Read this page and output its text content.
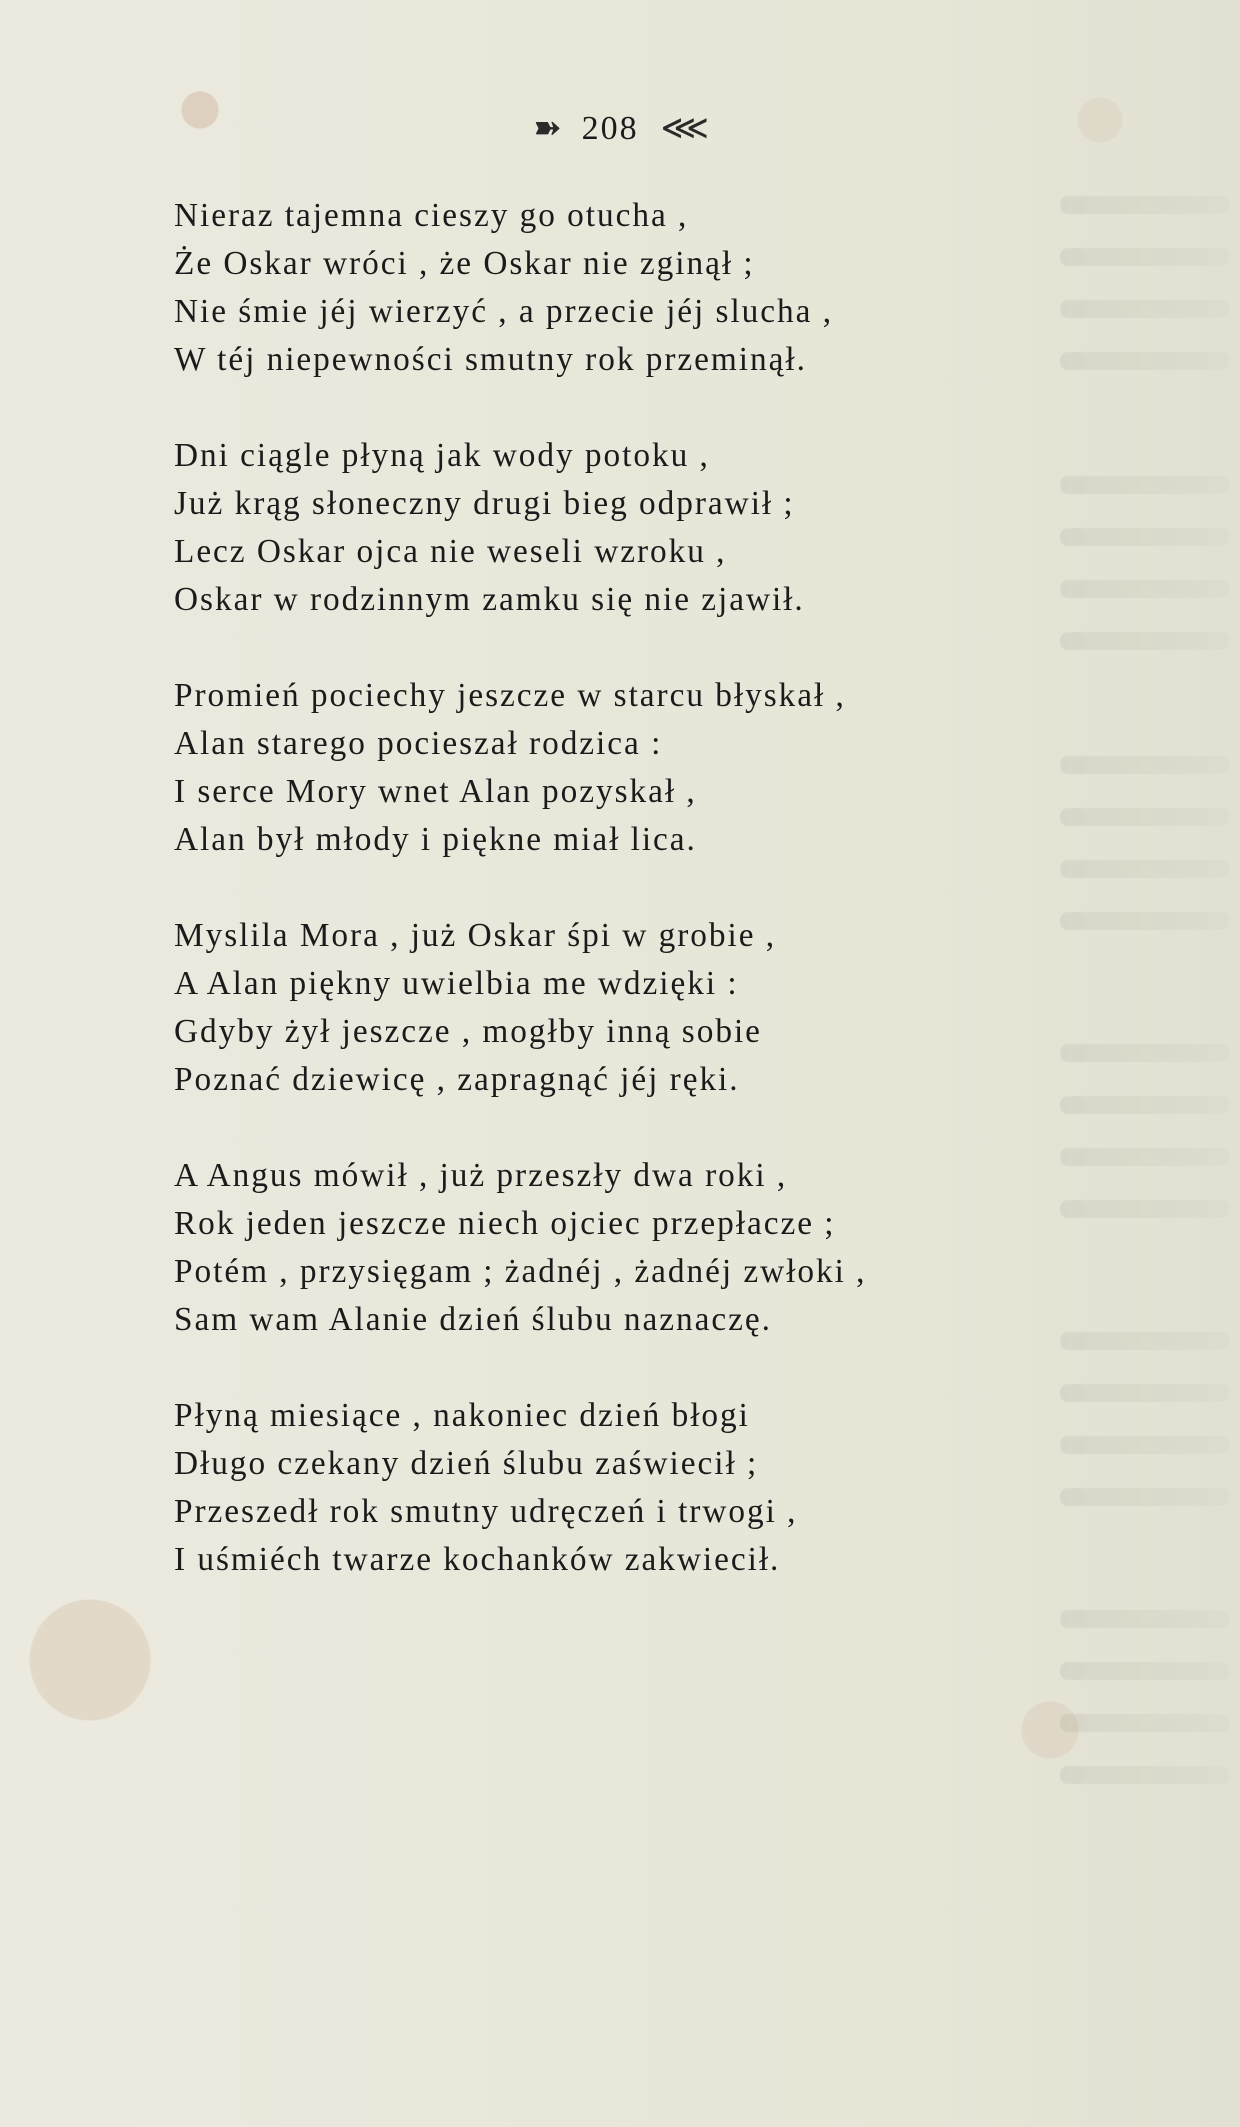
➽ 208 ⋘
Nieraz tajemna cieszy go otucha ,
Że Oskar wróci , że Oskar nie zginął ;
Nie śmie jéj wierzyć , a przecie jéj slucha ,
W téj niepewności smutny rok przeminął.
Dni ciągle płyną jak wody potoku ,
Już krąg słoneczny drugi bieg odprawił ;
Lecz Oskar ojca nie weseli wzroku ,
Oskar w rodzinnym zamku się nie zjawił.
Promień pociechy jeszcze w starcu błyskał ,
Alan starego pocieszał rodzica :
I serce Mory wnet Alan pozyskał ,
Alan był młody i piękne miał lica.
Myslila Mora , już Oskar śpi w grobie ,
A Alan piękny uwielbia me wdzięki :
Gdyby żył jeszcze , mogłby inną sobie
Poznać dziewicę , zapragnąć jéj ręki.
A Angus mówił , już przeszły dwa roki ,
Rok jeden jeszcze niech ojciec przepłacze ;
Potém , przysięgam ; żadnéj , żadnéj zwłoki ,
Sam wam Alanie dzień ślubu naznaczę.
Płyną miesiące , nakoniec dzień błogi
Długo czekany dzień ślubu zaświecił ;
Przeszedł rok smutny udręczeń i trwogi ,
I uśmiéch twarze kochanków zakwiecił.
